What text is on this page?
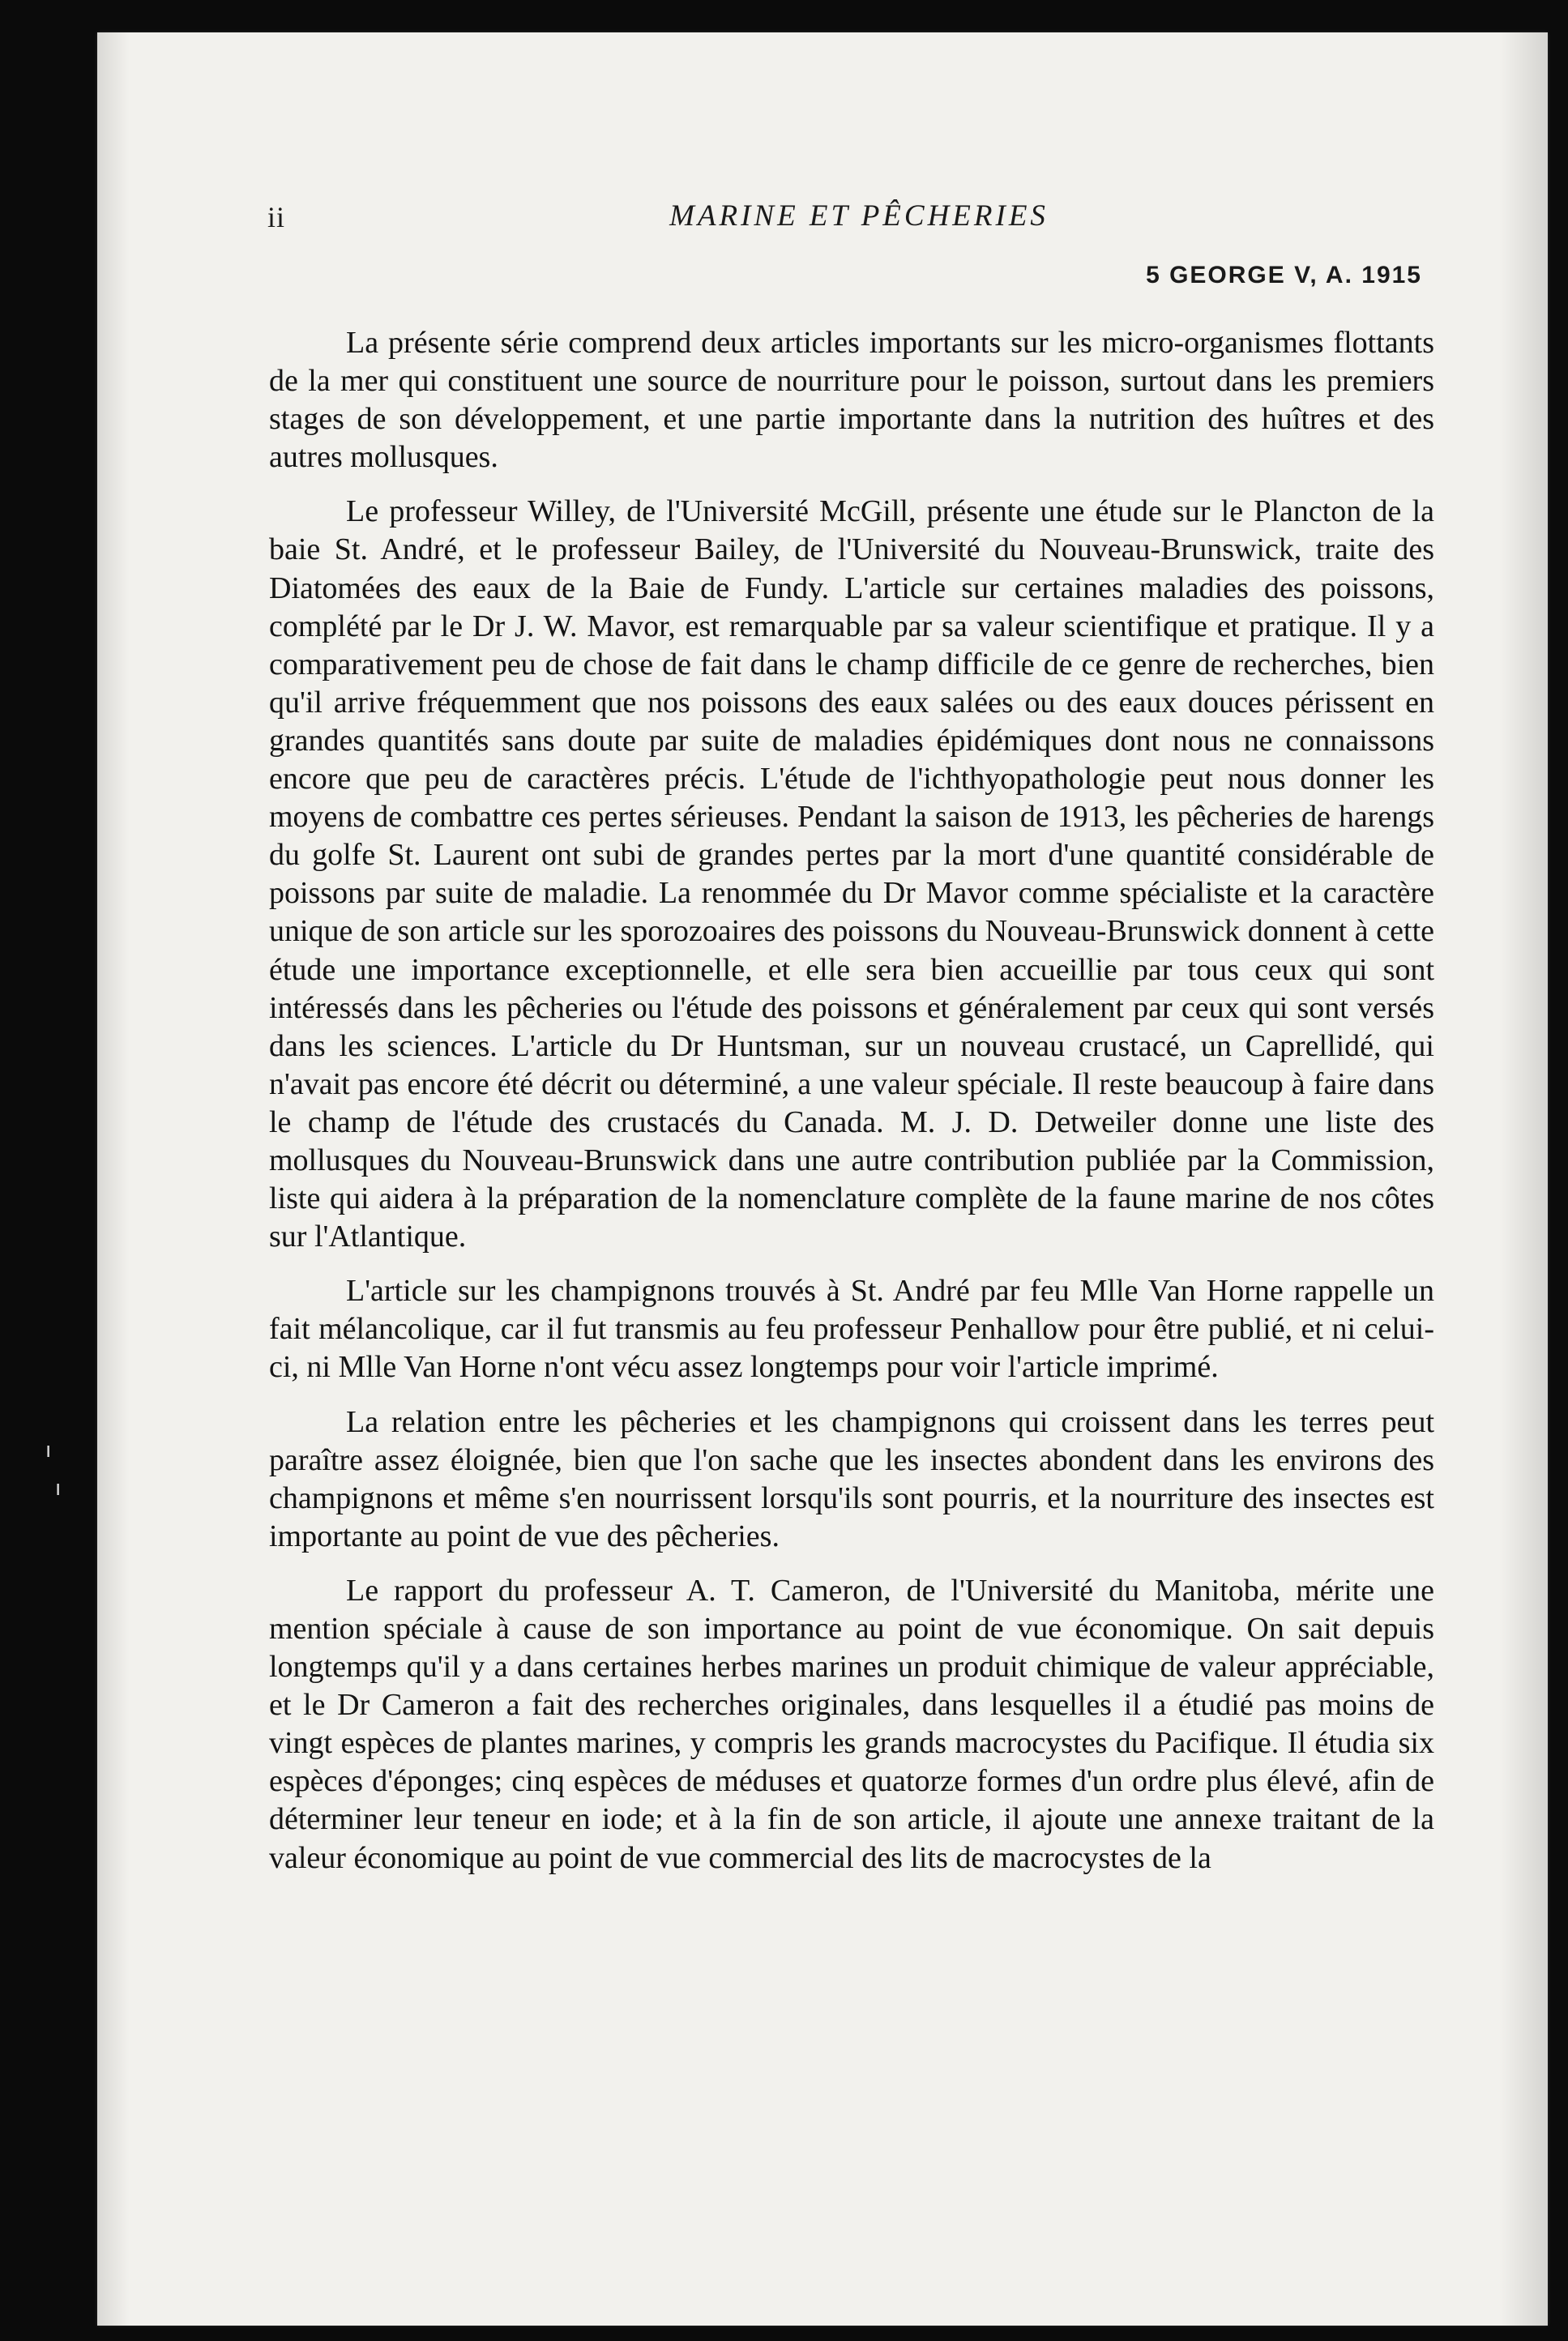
ii	MARINE ET PÊCHERIES
5 GEORGE V, A. 1915

La présente série comprend deux articles importants sur les micro-organismes flottants de la mer qui constituent une source de nourriture pour le poisson, surtout dans les premiers stages de son développement, et une partie importante dans la nutrition des huîtres et des autres mollusques.

Le professeur Willey, de l'Université McGill, présente une étude sur le Plancton de la baie St. André, et le professeur Bailey, de l'Université du Nouveau-Brunswick, traite des Diatomées des eaux de la Baie de Fundy. L'article sur certaines maladies des poissons, complété par le Dr J. W. Mavor, est remarquable par sa valeur scientifique et pratique. Il y a comparativement peu de chose de fait dans le champ difficile de ce genre de recherches, bien qu'il arrive fréquemment que nos poissons des eaux salées ou des eaux douces périssent en grandes quantités sans doute par suite de maladies épidémiques dont nous ne connaissons encore que peu de caractères précis. L'étude de l'ichthyopathologie peut nous donner les moyens de combattre ces pertes sérieuses. Pendant la saison de 1913, les pêcheries de harengs du golfe St. Laurent ont subi de grandes pertes par la mort d'une quantité considérable de poissons par suite de maladie. La renommée du Dr Mavor comme spécialiste et la caractère unique de son article sur les sporozoaires des poissons du Nouveau-Brunswick donnent à cette étude une importance exceptionnelle, et elle sera bien accueillie par tous ceux qui sont intéressés dans les pêcheries ou l'étude des poissons et généralement par ceux qui sont versés dans les sciences. L'article du Dr Huntsman, sur un nouveau crustacé, un Caprellidé, qui n'avait pas encore été décrit ou déterminé, a une valeur spéciale. Il reste beaucoup à faire dans le champ de l'étude des crustacés du Canada. M. J. D. Detweiler donne une liste des mollusques du Nouveau-Brunswick dans une autre contribution publiée par la Commission, liste qui aidera à la préparation de la nomenclature complète de la faune marine de nos côtes sur l'Atlantique.

L'article sur les champignons trouvés à St. André par feu Mlle Van Horne rappelle un fait mélancolique, car il fut transmis au feu professeur Penhallow pour être publié, et ni celui-ci, ni Mlle Van Horne n'ont vécu assez longtemps pour voir l'article imprimé.

La relation entre les pêcheries et les champignons qui croissent dans les terres peut paraître assez éloignée, bien que l'on sache que les insectes abondent dans les environs des champignons et même s'en nourrissent lorsqu'ils sont pourris, et la nourriture des insectes est importante au point de vue des pêcheries.

Le rapport du professeur A. T. Cameron, de l'Université du Manitoba, mérite une mention spéciale à cause de son importance au point de vue économique. On sait depuis longtemps qu'il y a dans certaines herbes marines un produit chimique de valeur appréciable, et le Dr Cameron a fait des recherches originales, dans lesquelles il a étudié pas moins de vingt espèces de plantes marines, y compris les grands macrocystes du Pacifique. Il étudia six espèces d'éponges; cinq espèces de méduses et quatorze formes d'un ordre plus élevé, afin de déterminer leur teneur en iode; et à la fin de son article, il ajoute une annexe traitant de la valeur économique au point de vue commercial des lits de macrocystes de la

ı
ı
